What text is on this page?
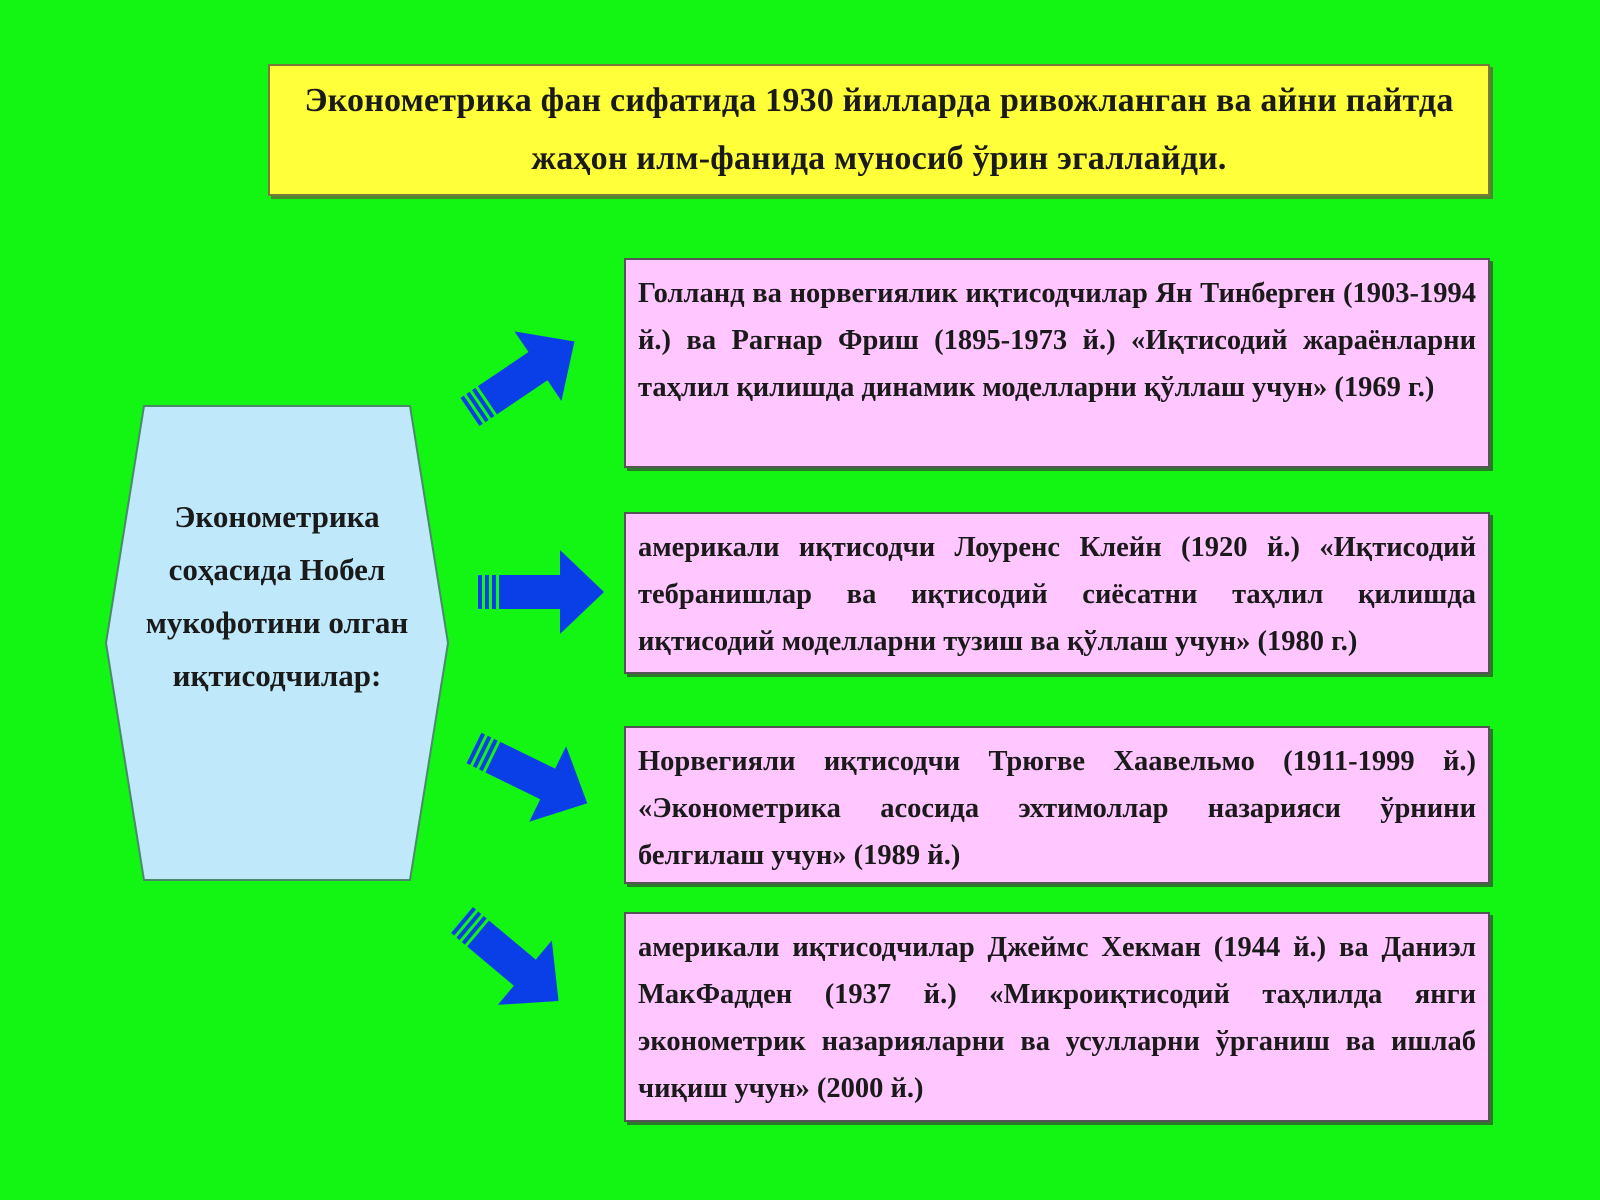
Эконометрика фан сифатида 1930 йилларда ривожланган ва айни пайтда жаҳон илм-фанида муносиб ўрин эгаллайди.
Эконометрика соҳасида Нобел мукофотини олган иқтисодчилар:
Голланд ва норвегиялик иқтисодчилар Ян Тинберген (1903-1994 й.) ва Рагнар Фриш (1895-1973 й.) «Иқтисодий жараёнларни таҳлил қилишда динамик моделларни қўллаш учун» (1969 г.)
америкали иқтисодчи Лоуренс Клейн (1920 й.) «Иқтисодий тебранишлар ва иқтисодий сиёсатни таҳлил қилишда иқтисодий моделларни тузиш ва қўллаш учун» (1980 г.)
Норвегияли иқтисодчи Трюгве Хаавельмо (1911-1999 й.) «Эконометрика асосида эхтимоллар назарияси ўрнини белгилаш учун» (1989 й.)
америкали иқтисодчилар Джеймс Хекман (1944 й.) ва Даниэл МакФадден (1937 й.) «Микроиқтисодий таҳлилда янги эконометрик назарияларни ва усулларни ўрганиш ва ишлаб чиқиш учун» (2000 й.)
